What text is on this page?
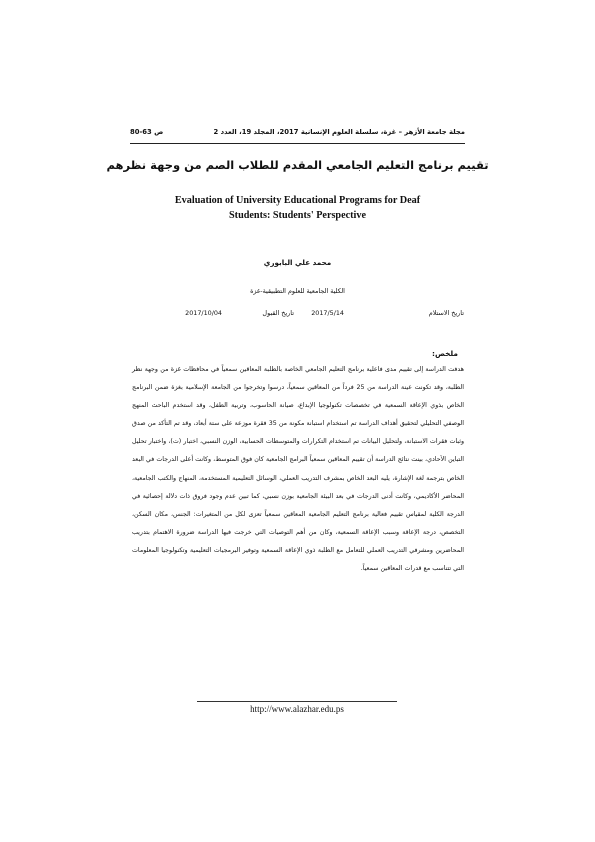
مجلة جامعة الأزهر – غزة، سلسلة العلوم الإنسانية 2017، المجلد 19، العدد 2
ص 63-80
تقييم برنامج التعليم الجامعي المقدم للطلاب الصم من وجهة نظرهم
Evaluation of University Educational Programs for Deaf
Students: Students' Perspective
محمد علي البابوري
الكلية الجامعية للعلوم التطبيقية-غزة
تاريخ الاستلام
2017/5/14
تاريخ القبول
2017/10/04
ملخص:

هدفت الدراسة إلى تقييم مدى فاعلية برنامج التعليم الجامعي الخاصة بالطلبة المعاقين سمعياً في محافظات غزة من وجهة نظر الطلبة، وقد تكونت عينة الدراسة من 25 فرداً من المعاقين سمعياً، درسوا وتخرجوا من الجامعة الإسلامية بغزة ضمن البرنامج الخاص بذوي الإعاقة السمعية في تخصصات تكنولوجيا الإبداع، صيانة الحاسوب، وتربية الطفل، وقد استخدم الباحث المنهج الوصفي التحليلي لتحقيق أهداف الدراسة تم استخدام استبانة مكونة من 35 فقرة موزعة على ستة أبعاد، وقد تم التأكد من صدق وثبات فقرات الاستبانة، ولتحليل البيانات تم استخدام التكرارات والمتوسطات الحسابية، الوزن النسبي، اختبار (ت)، واختبار تحليل التباين الأحادي، بينت نتائج الدراسة أن تقييم المعاقين سمعياً البرامج الجامعية كان فوق المتوسط، وكانت أعلى الدرجات في البعد الخاص بترجمة لغة الإشارة، يليه البعد الخاص بمشرف التدريب العملي، الوسائل التعليمية المستخدمة، المنهاج والكتب الجامعية، المحاضر الأكاديمي، وكانت أدنى الدرجات في بعد البيئة الجامعية بوزن نسبي، كما تبين عدم وجود فروق ذات دلالة إحصائية في الدرجة الكلية لمقياس تقييم فعالية برنامج التعليم الجامعية المعاقين سمعياً تعزى لكل من المتغيرات: الجنس، مكان السكن، التخصص، درجة الإعاقة وسبب الإعاقة السمعية، وكان من أهم التوصيات التي خرجت فيها الدراسة ضرورة الاهتمام بتدريب المحاضرين ومشرفي التدريب العملي للتعامل مع الطلبة ذوي الإعاقة السمعية وتوفير البرمجيات التعليمية وتكنولوجيا المعلومات التي تتناسب مع قدرات المعاقين سمعياً.

http://www.alazhar.edu.ps
